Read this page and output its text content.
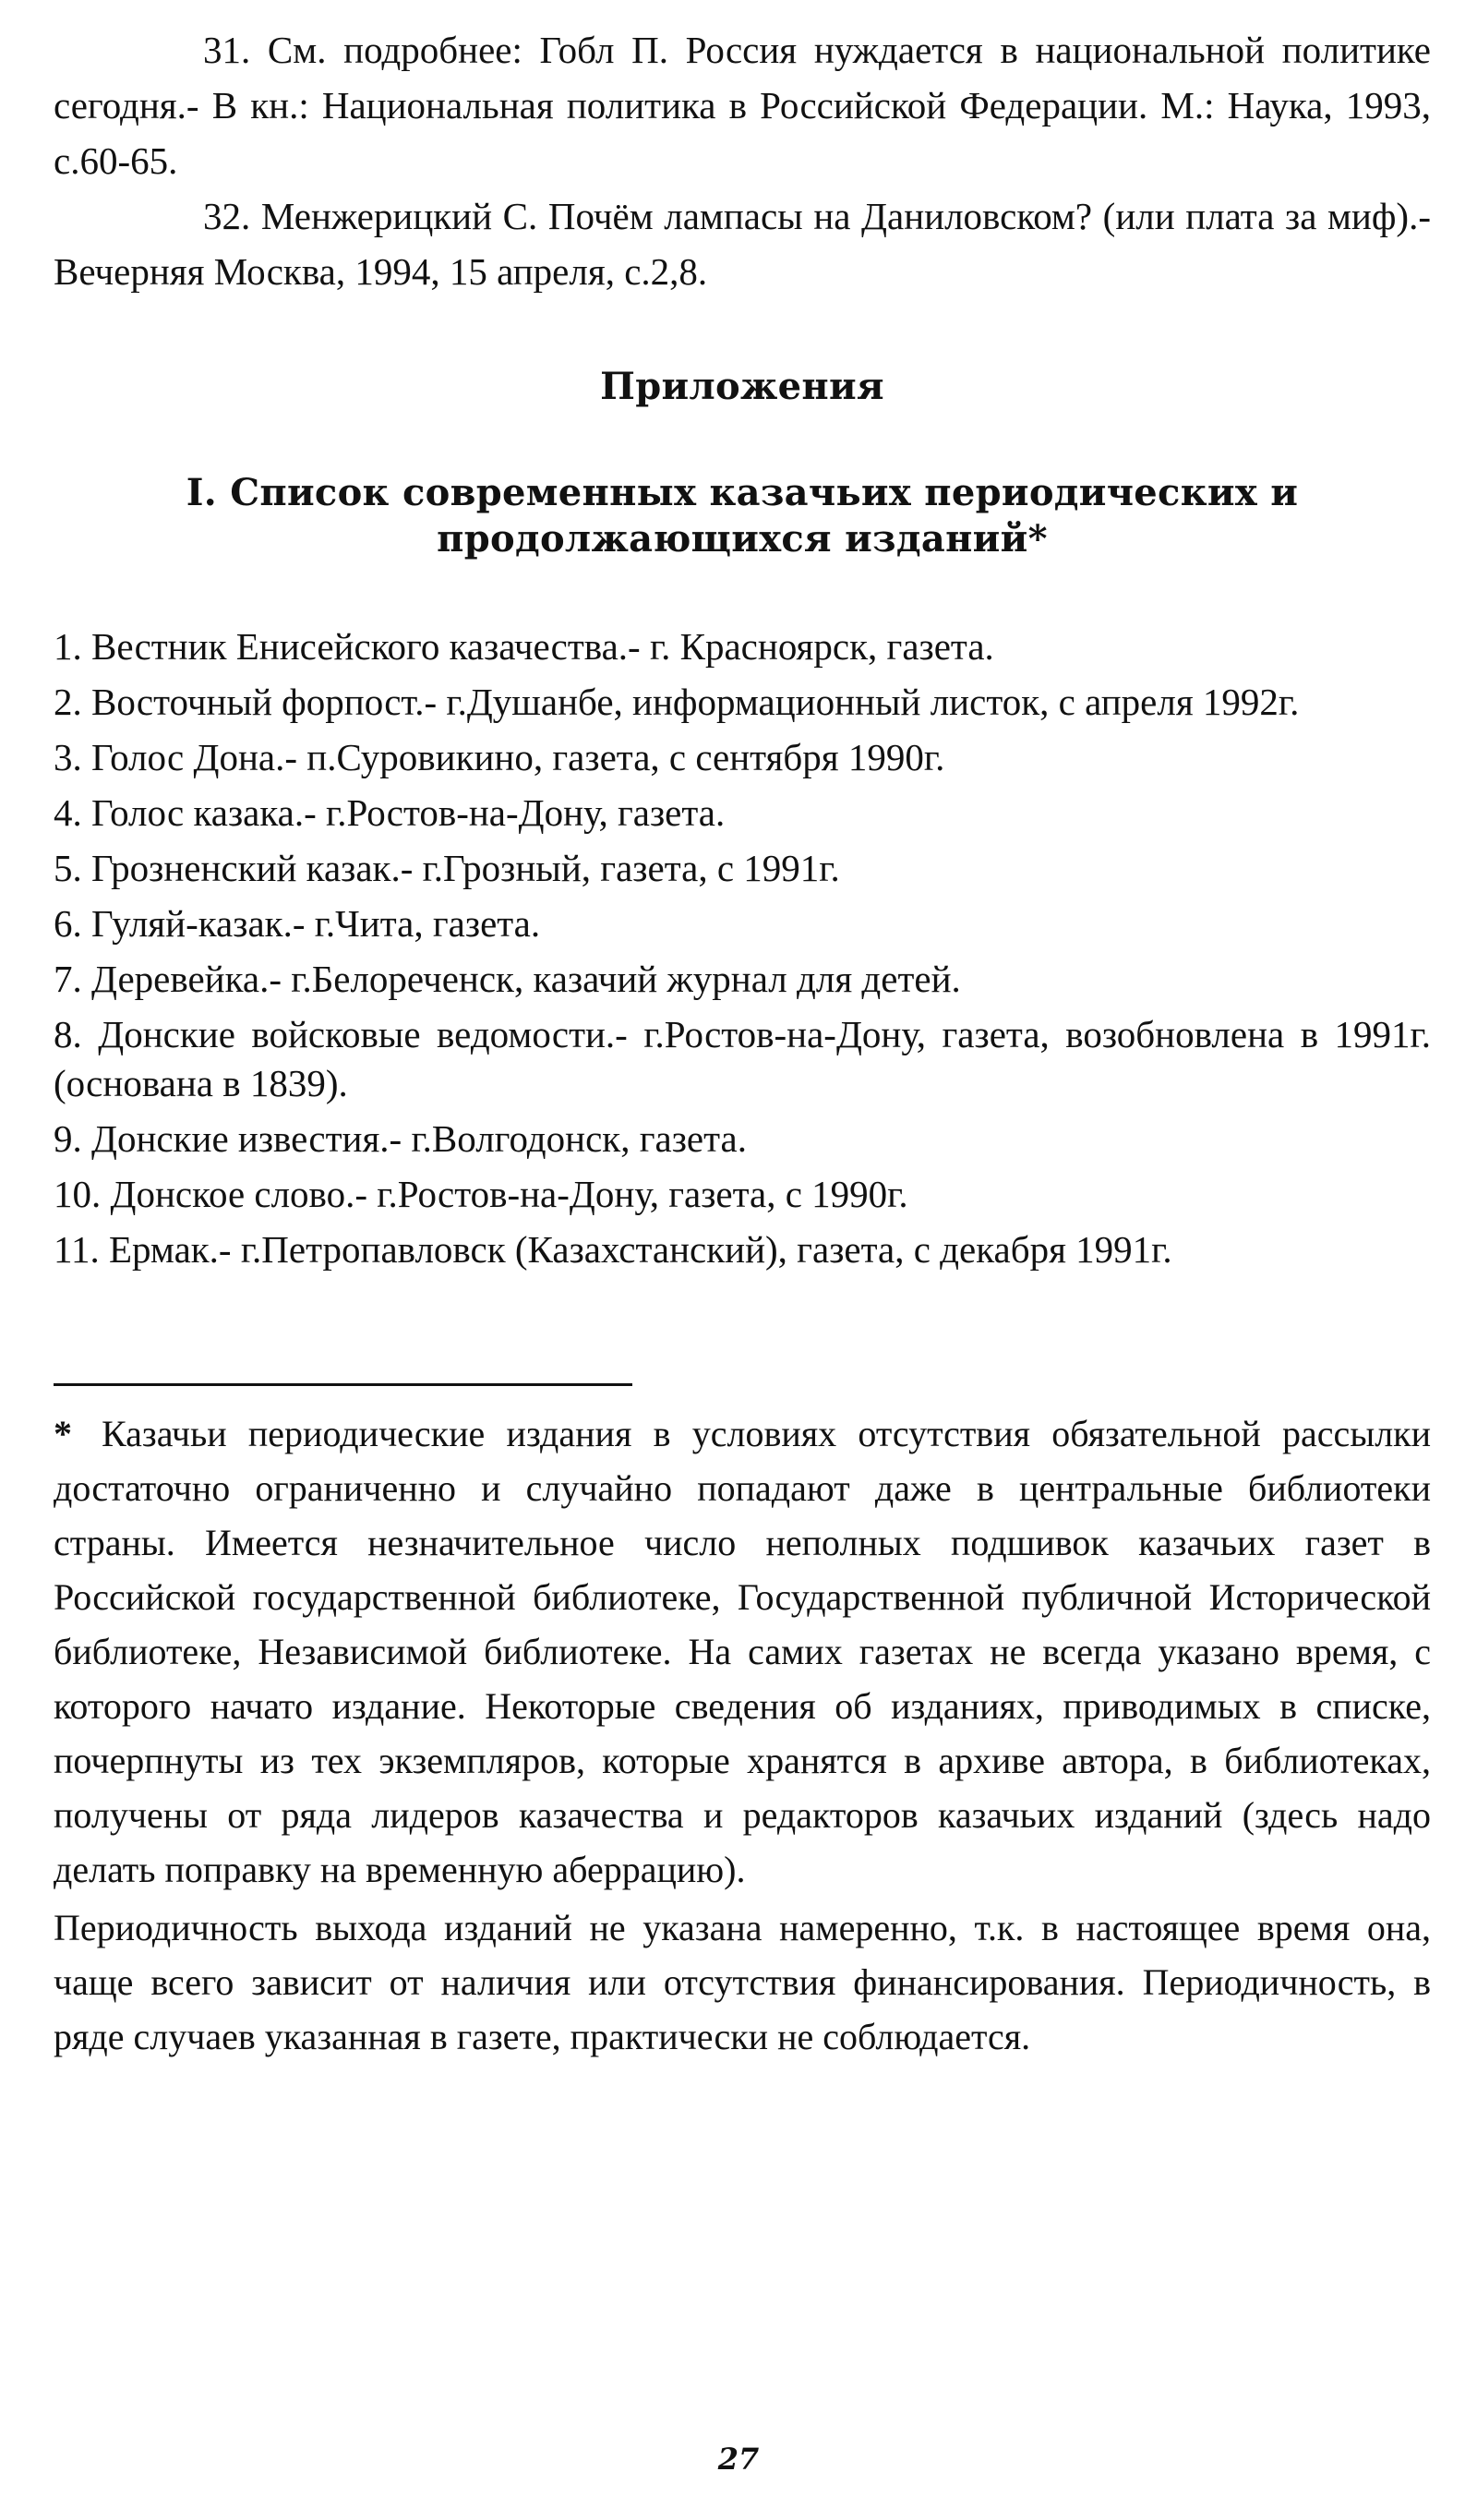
31. См. подробнее: Гобл П. Россия нуждается в национальной политике сегодня.- В кн.: Национальная политика в Российской Федерации. М.: Наука, 1993, с.60-65.

32. Менжерицкий С. Почём лампасы на Даниловском? (или плата за миф).- Вечерняя Москва, 1994, 15 апреля, с.2,8.

Приложения
I. Список современных казачьих периодических и
продолжающихся изданий*
1. Вестник Енисейского казачества.- г. Красноярск, газета.
2. Восточный форпост.- г.Душанбе, информационный листок, с апреля 1992г.
3. Голос Дона.- п.Суровикино, газета, с сентября 1990г.
4. Голос казака.- г.Ростов-на-Дону, газета.
5. Грозненский казак.- г.Грозный, газета, с 1991г.
6. Гуляй-казак.- г.Чита, газета.
7. Деревейка.- г.Белореченск, казачий журнал для детей.
8. Донские войсковые ведомости.- г.Ростов-на-Дону, газета, возобновлена в 1991г. (основана в 1839).
9. Донские известия.- г.Волгодонск, газета.
10. Донское слово.- г.Ростов-на-Дону, газета, с 1990г.
11. Ермак.- г.Петропавловск (Казахстанский), газета, с декабря 1991г.

* Казачьи периодические издания в условиях отсутствия обязательной рассылки достаточно ограниченно и случайно попадают даже в центральные библиотеки страны. Имеется незначительное число неполных подшивок казачьих газет в Российской государственной библиотеке, Государственной публичной Исторической библиотеке, Независимой библиотеке. На самих газетах не всегда указано время, с которого начато издание. Некоторые сведения об изданиях, приводимых в списке, почерпнуты из тех экземпляров, которые хранятся в архиве автора, в библиотеках, получены от ряда лидеров казачества и редакторов казачьих изданий (здесь надо делать поправку на временную аберрацию).

Периодичность выхода изданий не указана намеренно, т.к. в настоящее время она, чаще всего зависит от наличия или отсутствия финансирования. Периодичность, в ряде случаев указанная в газете, практически не соблюдается.

27
